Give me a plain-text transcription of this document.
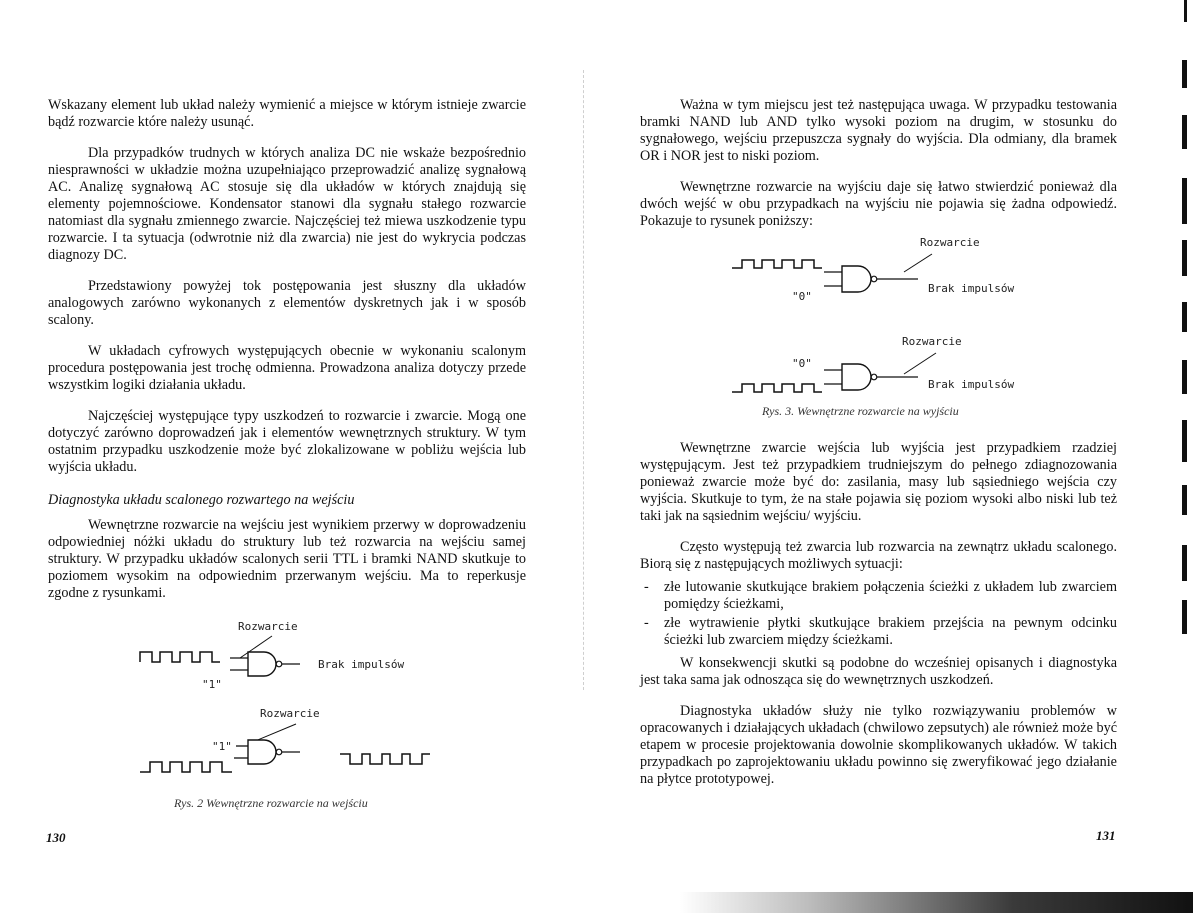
Wskazany element lub układ należy wymienić a miejsce w którym istnieje zwarcie bądź rozwarcie które należy usunąć.

Dla przypadków trudnych w których analiza DC nie wskaże bezpośrednio niesprawności w układzie można uzupełniająco przeprowadzić analizę sygnałową AC. Analizę sygnałową AC stosuje się dla układów w których znajdują się elementy pojemnościowe. Kondensator stanowi dla sygnału stałego rozwarcie natomiast dla sygnału zmiennego zwarcie. Najczęściej też miewa uszkodzenie typu rozwarcie. I ta sytuacja (odwrotnie niż dla zwarcia) nie jest do wykrycia podczas diagnozy DC.

Przedstawiony powyżej tok postępowania jest słuszny dla układów analogowych zarówno wykonanych z elementów dyskretnych jak i w sposób scalony.

W układach cyfrowych występujących obecnie w wykonaniu scalonym procedura postępowania jest trochę odmienna. Prowadzona analiza dotyczy przede wszystkim logiki działania układu.

Najczęściej występujące typy uszkodzeń to rozwarcie i zwarcie. Mogą one dotyczyć zarówno doprowadzeń jak i elementów wewnętrznych struktury. W tym ostatnim przypadku uszkodzenie może być zlokalizowane w pobliżu wejścia lub wyjścia układu.

Diagnostyka układu scalonego rozwartego na wejściu

Wewnętrzne rozwarcie na wejściu jest wynikiem przerwy w doprowadzeniu odpowiedniej nóżki układu do struktury lub też rozwarcia na wejściu samej struktury. W przypadku układów scalonych serii TTL i bramki NAND skutkuje to poziomem wysokim na odpowiednim przerwanym wejściu. Ma to reperkusje zgodne z rysunkami.

Rozwarcie
"1"
Brak impulsów
Rozwarcie
"1"
Rys. 2 Wewnętrzne rozwarcie na wejściu
130

Ważna w tym miejscu jest też następująca uwaga. W przypadku testowania bramki NAND lub AND tylko wysoki poziom na drugim, w stosunku do sygnałowego, wejściu przepuszcza sygnały do wyjścia. Dla odmiany, dla bramek OR i NOR jest to niski poziom.

Wewnętrzne rozwarcie na wyjściu daje się łatwo stwierdzić ponieważ dla dwóch wejść w obu przypadkach na wyjściu nie pojawia się żadna odpowiedź. Pokazuje to rysunek poniższy:

Rozwarcie
"0"
Brak impulsów
Rozwarcie
"0"
Brak impulsów
Rys. 3. Wewnętrzne rozwarcie na wyjściu

Wewnętrzne zwarcie wejścia lub wyjścia jest przypadkiem rzadziej występującym. Jest też przypadkiem trudniejszym do pełnego zdiagnozowania ponieważ zwarcie może być do: zasilania, masy lub sąsiedniego wejścia czy wyjścia. Skutkuje to tym, że na stałe pojawia się poziom wysoki albo niski lub też taki jak na sąsiednim wejściu/ wyjściu.

Często występują też zwarcia lub rozwarcia na zewnątrz układu scalonego. Biorą się z następujących możliwych sytuacji:

- złe lutowanie skutkujące brakiem połączenia ścieżki z układem lub zwarciem pomiędzy ścieżkami,
- złe wytrawienie płytki skutkujące brakiem przejścia na pewnym odcinku ścieżki lub zwarciem między ścieżkami.

W konsekwencji skutki są podobne do wcześniej opisanych i diagnostyka jest taka sama jak odnosząca się do wewnętrznych uszkodzeń.

Diagnostyka układów służy nie tylko rozwiązywaniu problemów w opracowanych i działających układach (chwilowo zepsutych) ale również może być etapem w procesie projektowania dowolnie skomplikowanych układów. W takich przypadkach po zaprojektowaniu układu powinno się zweryfikować jego działanie na płytce prototypowej.

131
